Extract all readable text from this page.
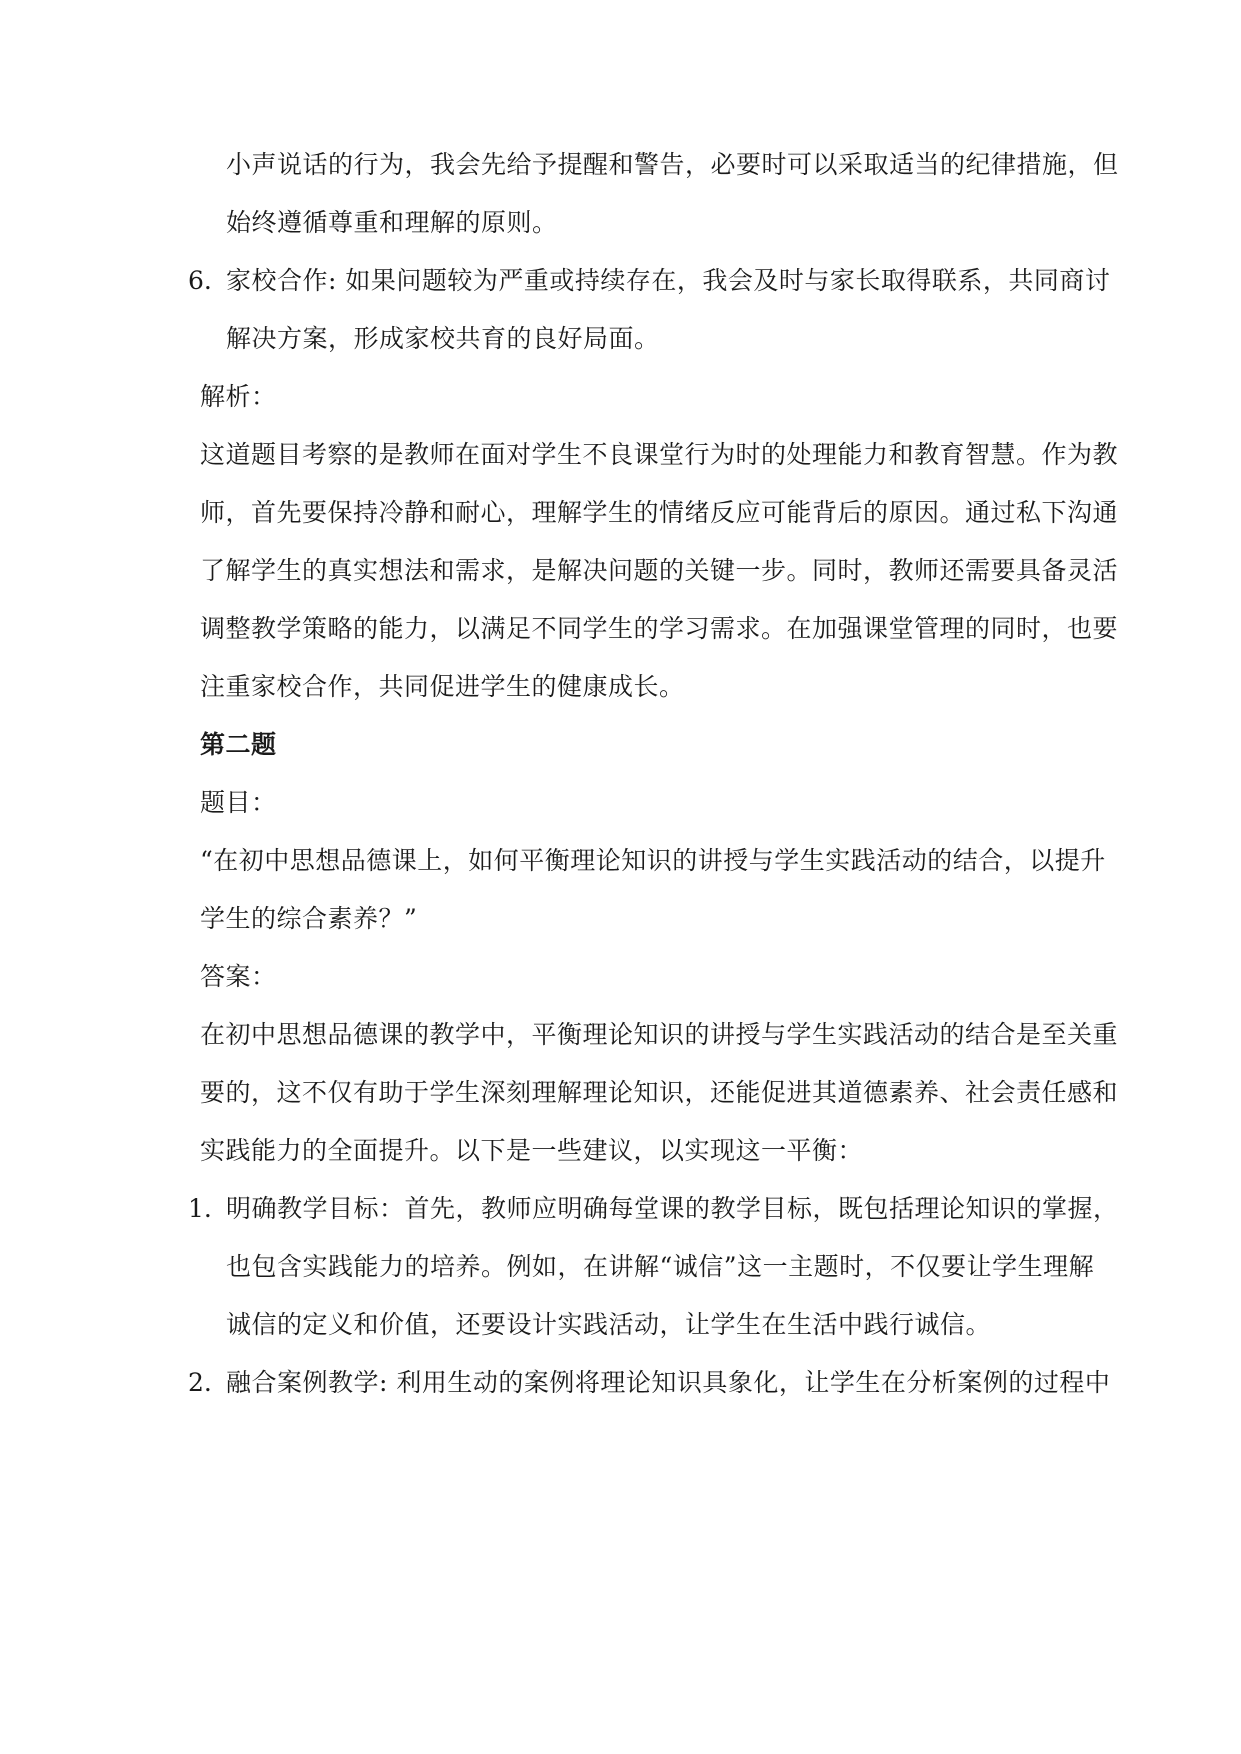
小声说话的行为，我会先给予提醒和警告，必要时可以采取适当的纪律措施，但
始终遵循尊重和理解的原则。
6. 家校合作: 如果问题较为严重或持续存在，我会及时与家长取得联系，共同商讨
解决方案，形成家校共育的良好局面。
解析：
这道题目考察的是教师在面对学生不良课堂行为时的处理能力和教育智慧。作为教
师，首先要保持冷静和耐心，理解学生的情绪反应可能背后的原因。通过私下沟通
了解学生的真实想法和需求，是解决问题的关键一步。同时，教师还需要具备灵活
调整教学策略的能力，以满足不同学生的学习需求。在加强课堂管理的同时，也要
注重家校合作，共同促进学生的健康成长。
第二题
题目：
“在初中思想品德课上，如何平衡理论知识的讲授与学生实践活动的结合，以提升
学生的综合素养？”
答案：
在初中思想品德课的教学中，平衡理论知识的讲授与学生实践活动的结合是至关重
要的，这不仅有助于学生深刻理解理论知识，还能促进其道德素养、社会责任感和
实践能力的全面提升。以下是一些建议，以实现这一平衡：
1. 明确教学目标：首先，教师应明确每堂课的教学目标，既包括理论知识的掌握，
也包含实践能力的培养。例如，在讲解“诚信”这一主题时，不仅要让学生理解
诚信的定义和价值，还要设计实践活动，让学生在生活中践行诚信。
2. 融合案例教学: 利用生动的案例将理论知识具象化，让学生在分析案例的过程中
